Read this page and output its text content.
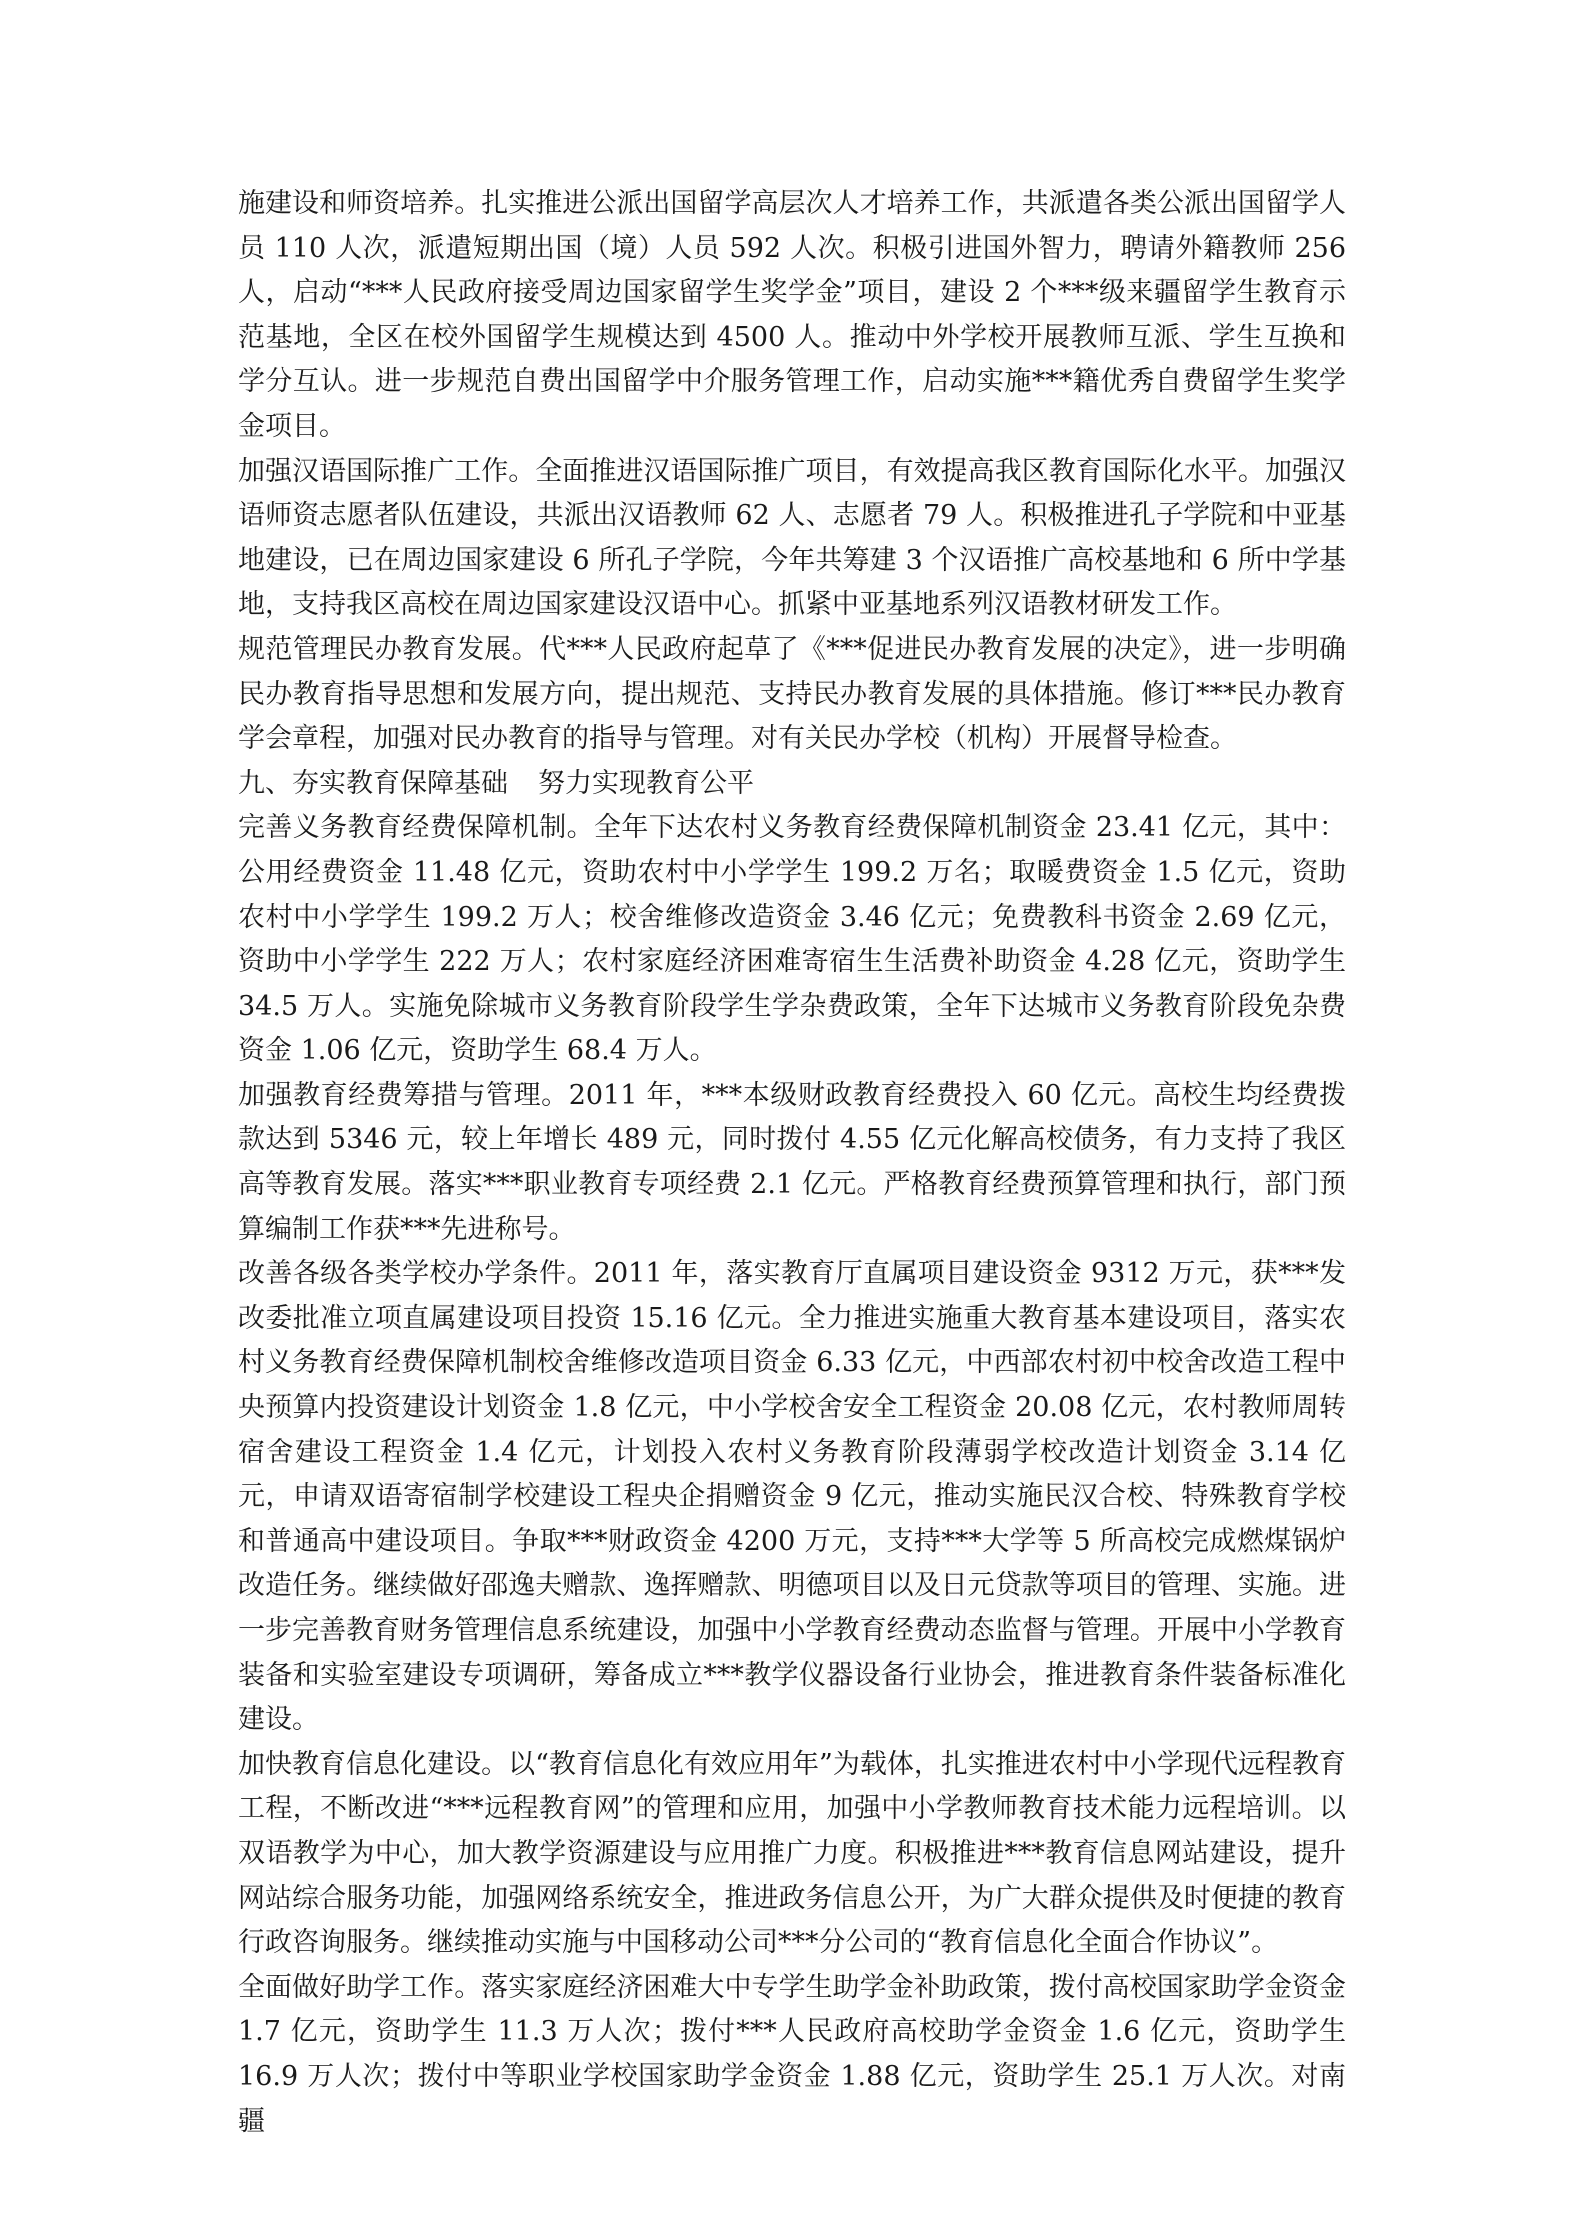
施建设和师资培养。扎实推进公派出国留学高层次人才培养工作，共派遣各类公派出国留学人员 110 人次，派遣短期出国（境）人员 592 人次。积极引进国外智力，聘请外籍教师 256 人，启动“***人民政府接受周边国家留学生奖学金”项目，建设 2 个***级来疆留学生教育示范基地，全区在校外国留学生规模达到 4500 人。推动中外学校开展教师互派、学生互换和学分互认。进一步规范自费出国留学中介服务管理工作，启动实施***籍优秀自费留学生奖学金项目。

加强汉语国际推广工作。全面推进汉语国际推广项目，有效提高我区教育国际化水平。加强汉语师资志愿者队伍建设，共派出汉语教师 62 人、志愿者 79 人。积极推进孔子学院和中亚基地建设，已在周边国家建设 6 所孔子学院，今年共筹建 3 个汉语推广高校基地和 6 所中学基地，支持我区高校在周边国家建设汉语中心。抓紧中亚基地系列汉语教材研发工作。

规范管理民办教育发展。代***人民政府起草了《***促进民办教育发展的决定》，进一步明确民办教育指导思想和发展方向，提出规范、支持民办教育发展的具体措施。修订***民办教育学会章程，加强对民办教育的指导与管理。对有关民办学校（机构）开展督导检查。

九、夯实教育保障基础 努力实现教育公平

完善义务教育经费保障机制。全年下达农村义务教育经费保障机制资金 23.41 亿元，其中：公用经费资金 11.48 亿元，资助农村中小学学生 199.2 万名；取暖费资金 1.5 亿元，资助农村中小学学生 199.2 万人；校舍维修改造资金 3.46 亿元；免费教科书资金 2.69 亿元，资助中小学学生 222 万人；农村家庭经济困难寄宿生生活费补助资金 4.28 亿元，资助学生 34.5 万人。实施免除城市义务教育阶段学生学杂费政策，全年下达城市义务教育阶段免杂费资金 1.06 亿元，资助学生 68.4 万人。

加强教育经费筹措与管理。2011 年，***本级财政教育经费投入 60 亿元。高校生均经费拨款达到 5346 元，较上年增长 489 元，同时拨付 4.55 亿元化解高校债务，有力支持了我区高等教育发展。落实***职业教育专项经费 2.1 亿元。严格教育经费预算管理和执行，部门预算编制工作获***先进称号。

改善各级各类学校办学条件。2011 年，落实教育厅直属项目建设资金 9312 万元，获***发改委批准立项直属建设项目投资 15.16 亿元。全力推进实施重大教育基本建设项目，落实农村义务教育经费保障机制校舍维修改造项目资金 6.33 亿元，中西部农村初中校舍改造工程中央预算内投资建设计划资金 1.8 亿元，中小学校舍安全工程资金 20.08 亿元，农村教师周转宿舍建设工程资金 1.4 亿元，计划投入农村义务教育阶段薄弱学校改造计划资金 3.14 亿元，申请双语寄宿制学校建设工程央企捐赠资金 9 亿元，推动实施民汉合校、特殊教育学校和普通高中建设项目。争取***财政资金 4200 万元，支持***大学等 5 所高校完成燃煤锅炉改造任务。继续做好邵逸夫赠款、逸挥赠款、明德项目以及日元贷款等项目的管理、实施。进一步完善教育财务管理信息系统建设，加强中小学教育经费动态监督与管理。开展中小学教育装备和实验室建设专项调研，筹备成立***教学仪器设备行业协会，推进教育条件装备标准化建设。

加快教育信息化建设。以“教育信息化有效应用年”为载体，扎实推进农村中小学现代远程教育工程，不断改进“***远程教育网”的管理和应用，加强中小学教师教育技术能力远程培训。以双语教学为中心，加大教学资源建设与应用推广力度。积极推进***教育信息网站建设，提升网站综合服务功能，加强网络系统安全，推进政务信息公开，为广大群众提供及时便捷的教育行政咨询服务。继续推动实施与中国移动公司***分公司的“教育信息化全面合作协议”。

全面做好助学工作。落实家庭经济困难大中专学生助学金补助政策，拨付高校国家助学金资金 1.7 亿元，资助学生 11.3 万人次；拨付***人民政府高校助学金资金 1.6 亿元，资助学生 16.9 万人次；拨付中等职业学校国家助学金资金 1.88 亿元，资助学生 25.1 万人次。对南疆
